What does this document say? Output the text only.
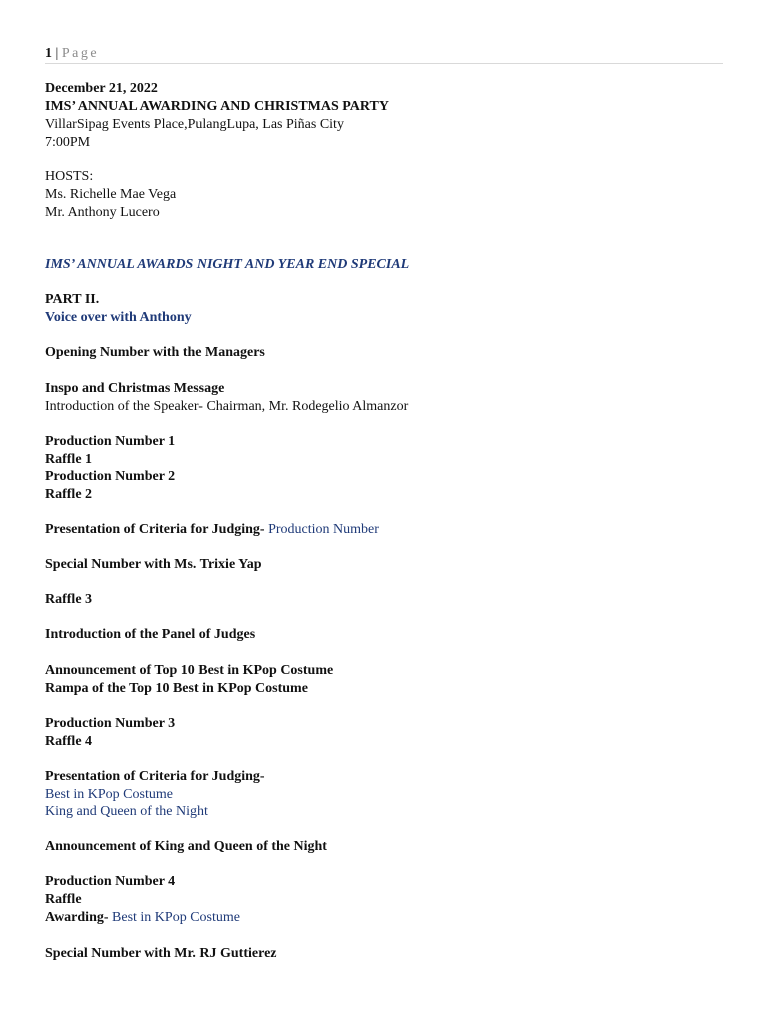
1 | Page
December 21, 2022
IMS’ ANNUAL AWARDING AND CHRISTMAS PARTY
VillarSipag Events Place,PulangLupa, Las Piñas City
7:00PM
HOSTS:
Ms. Richelle Mae Vega
Mr. Anthony Lucero
IMS’ ANNUAL AWARDS NIGHT AND YEAR END SPECIAL
PART II.
Voice over with Anthony
Opening Number with the Managers
Inspo and Christmas Message
Introduction of the Speaker- Chairman, Mr. Rodegelio Almanzor
Production Number 1
Raffle 1
Production Number 2
Raffle 2
Presentation of Criteria for Judging- Production Number
Special Number with Ms. Trixie Yap
Raffle 3
Introduction of the Panel of Judges
Announcement of Top 10 Best in KPop Costume
Rampa of the Top 10 Best in KPop Costume
Production Number 3
Raffle 4
Presentation of Criteria for Judging-
Best in KPop Costume
King and Queen of the Night
Announcement of King and Queen of the Night
Production Number 4
Raffle
Awarding- Best in KPop Costume
Special Number with Mr. RJ Guttierez
